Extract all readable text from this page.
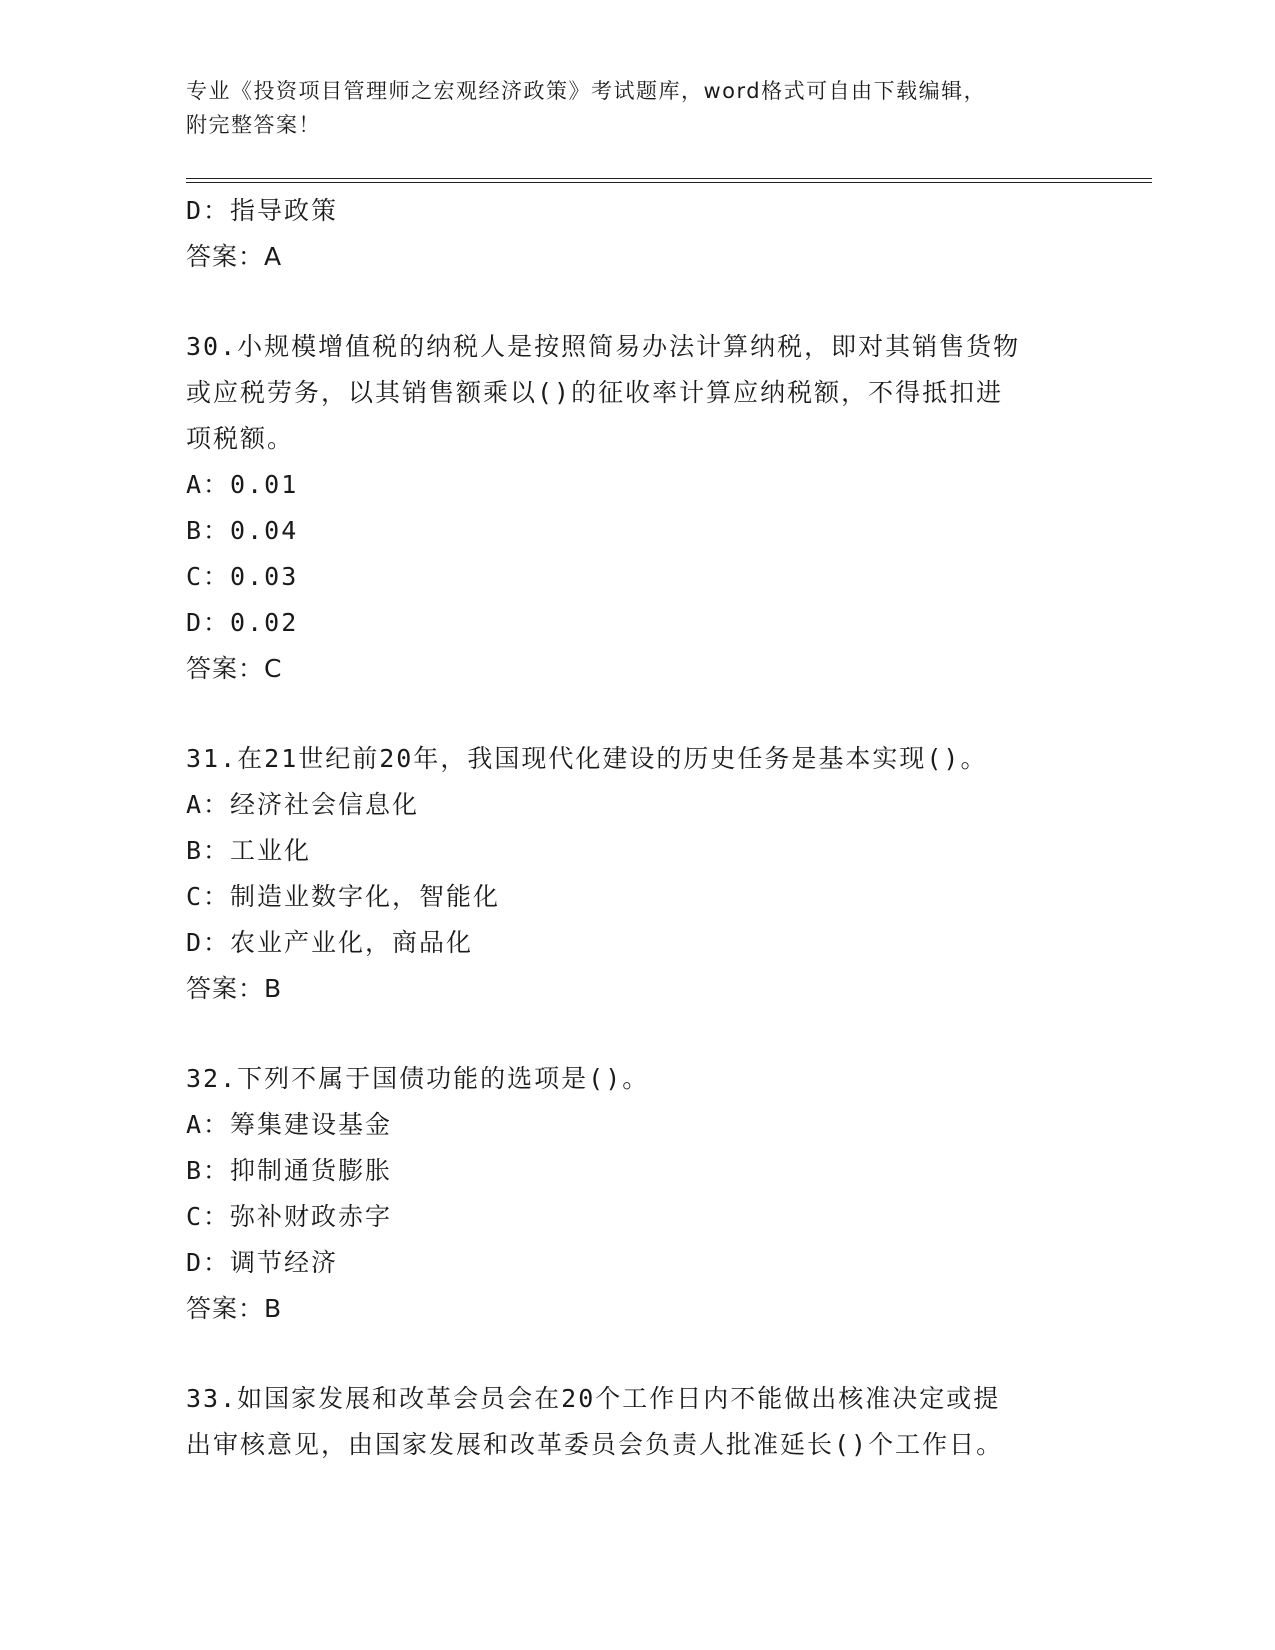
专业《投资项目管理师之宏观经济政策》考试题库，word格式可自由下载编辑，
附完整答案！
D：指导政策
答案：A
30.小规模增值税的纳税人是按照简易办法计算纳税，即对其销售货物
或应税劳务，以其销售额乘以()的征收率计算应纳税额，不得抵扣进
项税额。
A：0.01
B：0.04
C：0.03
D：0.02
答案：C
31.在21世纪前20年，我国现代化建设的历史任务是基本实现()。
A：经济社会信息化
B：工业化
C：制造业数字化，智能化
D：农业产业化，商品化
答案：B
32.下列不属于国债功能的选项是()。
A：筹集建设基金
B：抑制通货膨胀
C：弥补财政赤字
D：调节经济
答案：B
33.如国家发展和改革会员会在20个工作日内不能做出核准决定或提
出审核意见，由国家发展和改革委员会负责人批准延长()个工作日。
